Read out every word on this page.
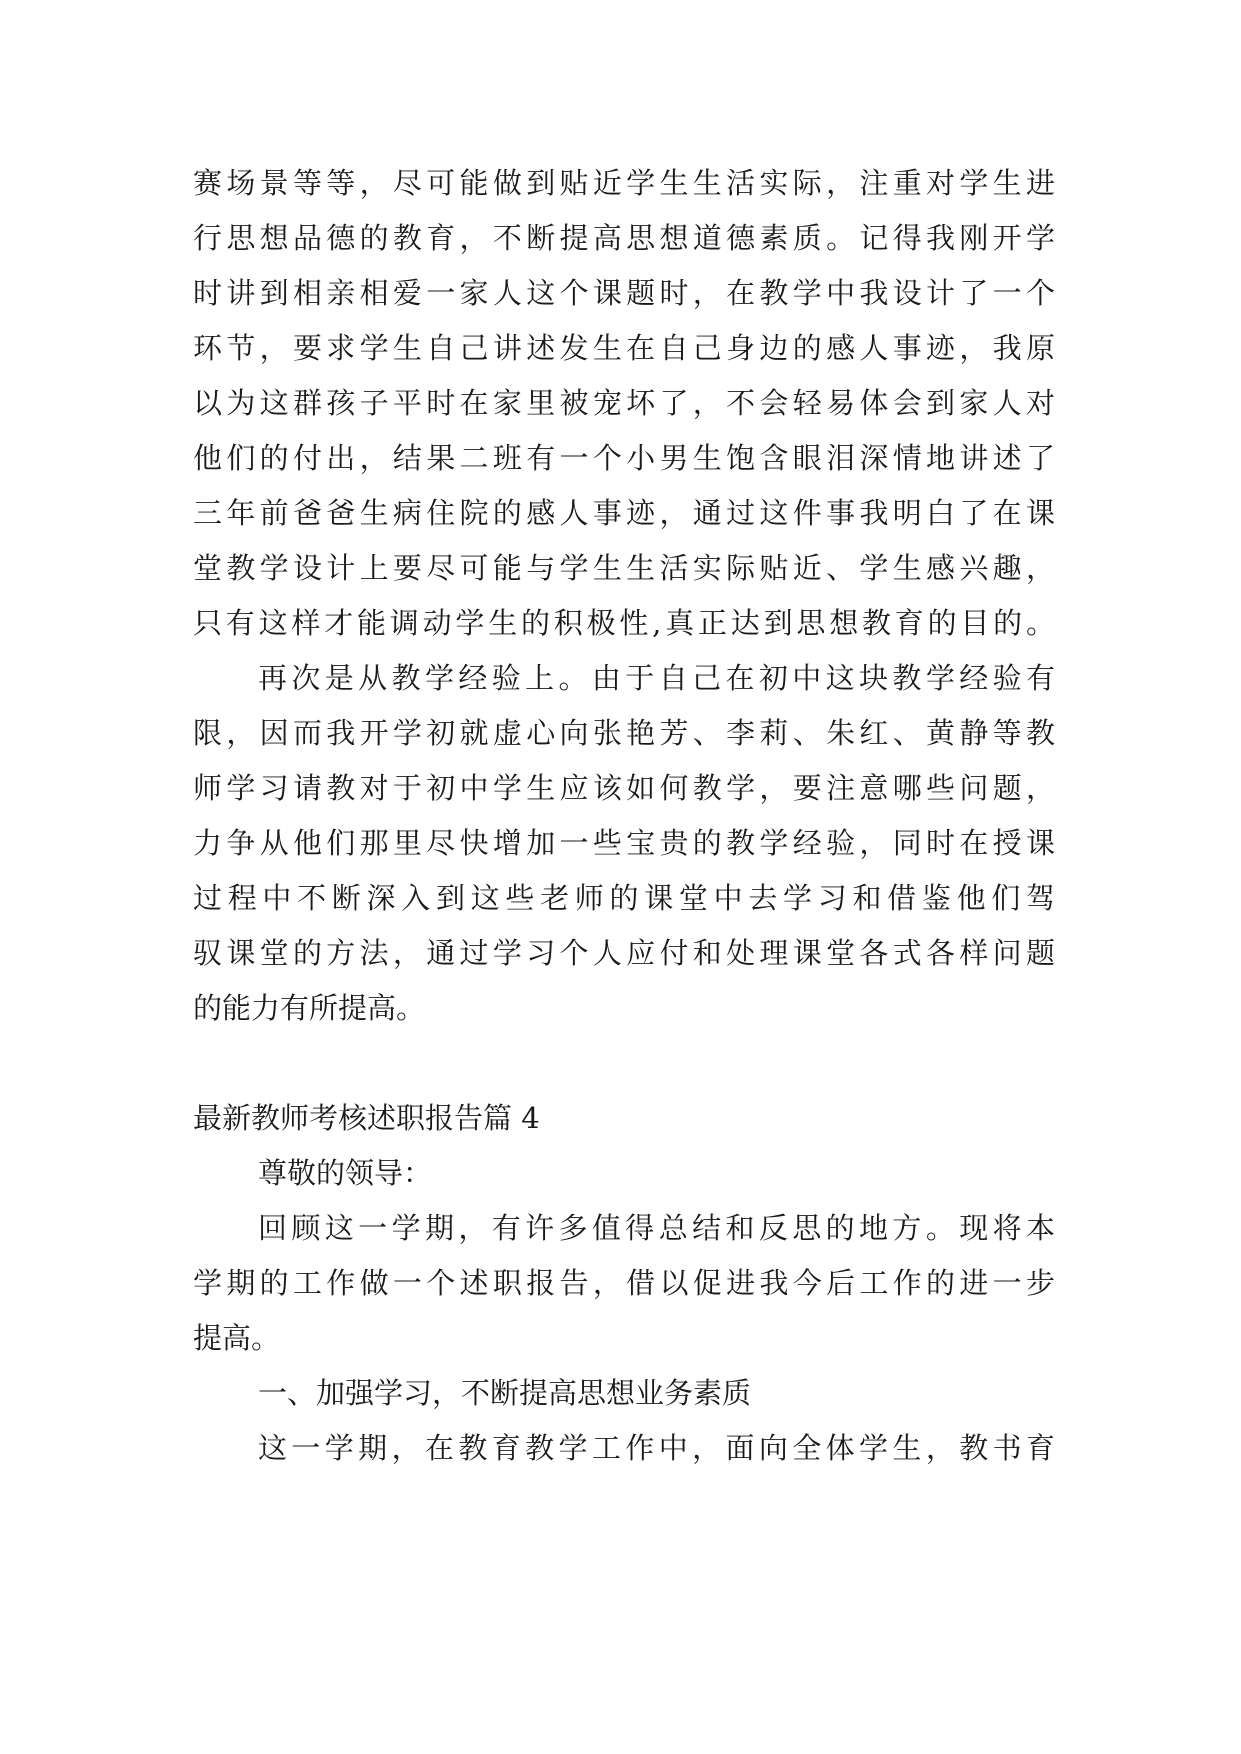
赛场景等等，尽可能做到贴近学生生活实际，注重对学生进
行思想品德的教育，不断提高思想道德素质。记得我刚开学
时讲到相亲相爱一家人这个课题时，在教学中我设计了一个
环节，要求学生自己讲述发生在自己身边的感人事迹，我原
以为这群孩子平时在家里被宠坏了，不会轻易体会到家人对
他们的付出，结果二班有一个小男生饱含眼泪深情地讲述了
三年前爸爸生病住院的感人事迹，通过这件事我明白了在课
堂教学设计上要尽可能与学生生活实际贴近、学生感兴趣，
只有这样才能调动学生的积极性,真正达到思想教育的目的。
再次是从教学经验上。由于自己在初中这块教学经验有
限，因而我开学初就虚心向张艳芳、李莉、朱红、黄静等教
师学习请教对于初中学生应该如何教学，要注意哪些问题，
力争从他们那里尽快增加一些宝贵的教学经验，同时在授课
过程中不断深入到这些老师的课堂中去学习和借鉴他们驾
驭课堂的方法，通过学习个人应付和处理课堂各式各样问题
的能力有所提高。
最新教师考核述职报告篇 4
尊敬的领导：
回顾这一学期，有许多值得总结和反思的地方。现将本
学期的工作做一个述职报告，借以促进我今后工作的进一步
提高。
一、加强学习，不断提高思想业务素质
这一学期，在教育教学工作中，面向全体学生，教书育
